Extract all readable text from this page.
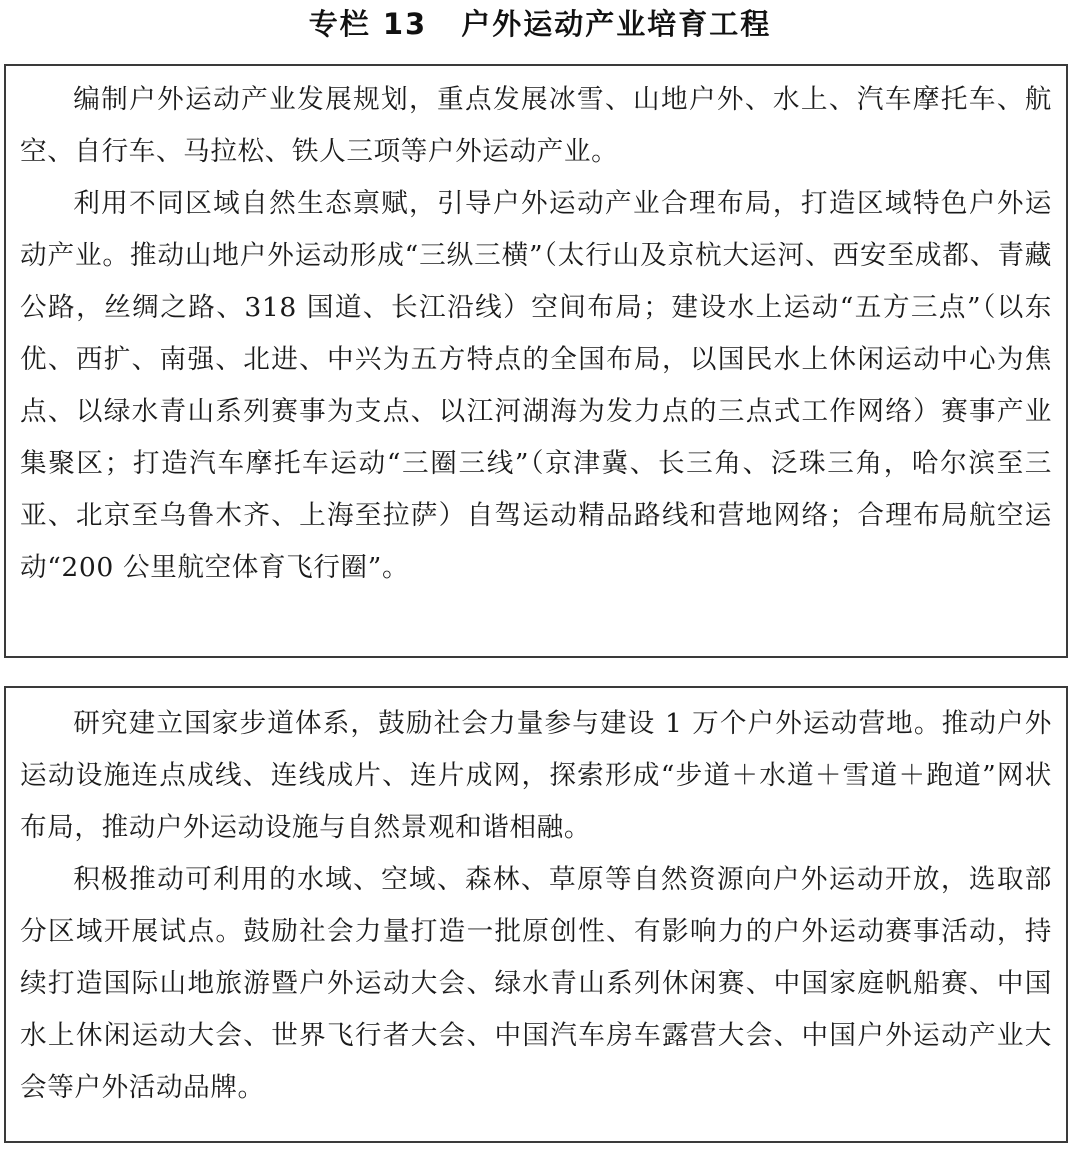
专栏 13 户外运动产业培育工程

编制户外运动产业发展规划，重点发展冰雪、山地户外、水上、汽车摩托车、航空、自行车、马拉松、铁人三项等户外运动产业。

利用不同区域自然生态禀赋，引导户外运动产业合理布局，打造区域特色户外运动产业。推动山地户外运动形成“三纵三横”（太行山及京杭大运河、西安至成都、青藏公路，丝绸之路、318 国道、长江沿线）空间布局；建设水上运动“五方三点”（以东优、西扩、南强、北进、中兴为五方特点的全国布局，以国民水上休闲运动中心为焦点、以绿水青山系列赛事为支点、以江河湖海为发力点的三点式工作网络）赛事产业集聚区；打造汽车摩托车运动“三圈三线”（京津冀、长三角、泛珠三角，哈尔滨至三亚、北京至乌鲁木齐、上海至拉萨）自驾运动精品路线和营地网络；合理布局航空运动“200 公里航空体育飞行圈”。

研究建立国家步道体系，鼓励社会力量参与建设 1 万个户外运动营地。推动户外运动设施连点成线、连线成片、连片成网，探索形成“步道＋水道＋雪道＋跑道”网状布局，推动户外运动设施与自然景观和谐相融。

积极推动可利用的水域、空域、森林、草原等自然资源向户外运动开放，选取部分区域开展试点。鼓励社会力量打造一批原创性、有影响力的户外运动赛事活动，持续打造国际山地旅游暨户外运动大会、绿水青山系列休闲赛、中国家庭帆船赛、中国水上休闲运动大会、世界飞行者大会、中国汽车房车露营大会、中国户外运动产业大会等户外活动品牌。
